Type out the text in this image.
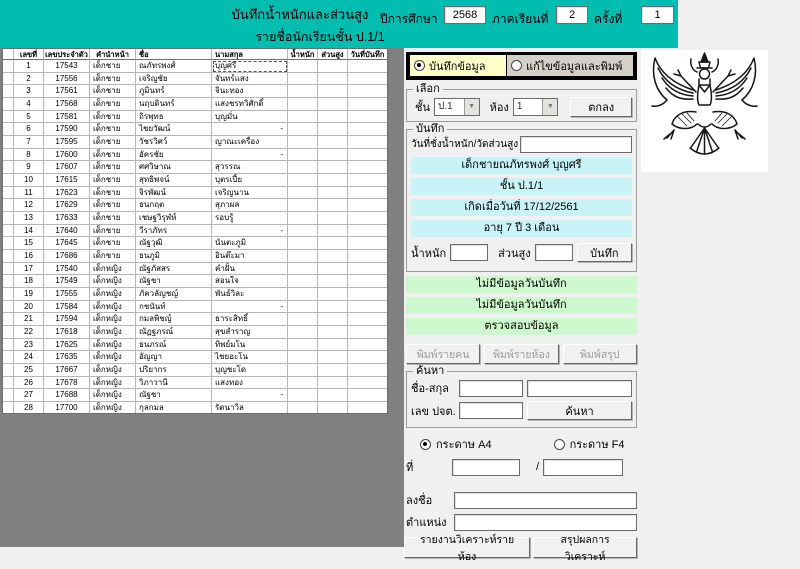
บันทึกน้ำหนักและส่วนสูง
รายชื่อนักเรียนชั้น ป.1/1
ปีการศึกษา
2568	ภาคเรียนที่
2	ครั้งที่
1
เลขที่	เลขประจำตัว	คำนำหน้า	ชื่อ	นามสกุล	น้ำหนัก ส่วนสูง วันที่บันทึก
1	17543	เด็กชาย	ณภัทรพงศ์	บุญศรี
2	17556	เด็กชาย	เจริญชัย	จันทร์แสง
3	17561	เด็กชาย	ภูมินทร์	จินะทอง
4	17568	เด็กชาย	นฤบดินทร์	แสงชรทวิศักดิ์
5	17581	เด็กชาย	ถิรพุทธ	บุญมั่น
6	17590	เด็กชาย	ไชยวัฒน์	-
7	17595	เด็กชาย	วัชรวิศว์	ญาณะเครื่อง
8	17600	เด็กชาย	อัครชัย	-
9	17607	เด็กชาย	ศศวิษาณ	สุวรรณ
10	17615	เด็กชาย	สุทธิพจน์	บุตรเปี้ย
11	17623	เด็กชาย	จิรพัฒน์	เจริญนาน
12	17629	เด็กชาย	ธนกฤต	สุภาผล
13	17633	เด็กชาย	เชษฐวิรุฬห์	รอบรู้
14	17640	เด็กชาย	วีราภัทร	-
15	17645	เด็กชาย	ณัฐวุฒิ	นันตะภูมิ
16	17686	เด็กชาย	ธนภูมิ	อินต๊ะมา
17	17540	เด็กหญิง	ณัฐภัสสร	คำฝั้น
18	17549	เด็กหญิง	ณัฐชา	สอนใจ
19	17555	เด็กหญิง	ภัควลัญชญ์	พันธ์วิละ
20	17584	เด็กหญิง	กชนันท์	-
21	17594	เด็กหญิง	กมลพิชญ์	ธาระสิทธิ์
22	17618	เด็กหญิง	ณัฏฐภรณ์	สุขสำราญ
23	17625	เด็กหญิง	ธนภรณ์	ทิพย์มโน
24	17635	เด็กหญิง	อัญญา	ไชยอะโน
25	17667	เด็กหญิง	ปริยากร	บุญชะโด
26	17678	เด็กหญิง	วิภาวานี	แสงทอง
27	17688	เด็กหญิง	ณัฐชา	-
28	17700	เด็กหญิง	กุลกมล	รัตนาวิล
บันทึกข้อมูล	แก้ไขข้อมูลและพิมพ์
เลือก
ชั้น ป.1	▼	ห้อง 1	▼	ตกลง
บันทึก
วันที่ชั่งน้ำหนัก/วัดส่วนสูง
เด็กชายณภัทรพงศ์ บุญศรี
ชั้น ป.1/1
เกิดเมื่อวันที่ 17/12/2561
อายุ 7 ปี 3 เดือน
น้ำหนัก	ส่วนสูง	บันทึก
ไม่มีข้อมูลวันบันทึก
ไม่มีข้อมูลวันบันทึก
ตรวจสอบข้อมูล
พิมพ์รายคน	พิมพ์รายห้อง	พิมพ์สรุป
ค้นหา
ชื่อ-สกุล
เลข ปจต.	ค้นหา
กระดาษ A4	กระดาษ F4
ที่	/
ลงชื่อ
ตำแหน่ง
รายงานวิเคราะห์รายห้อง
สรุปผลการวิเคราะห์
